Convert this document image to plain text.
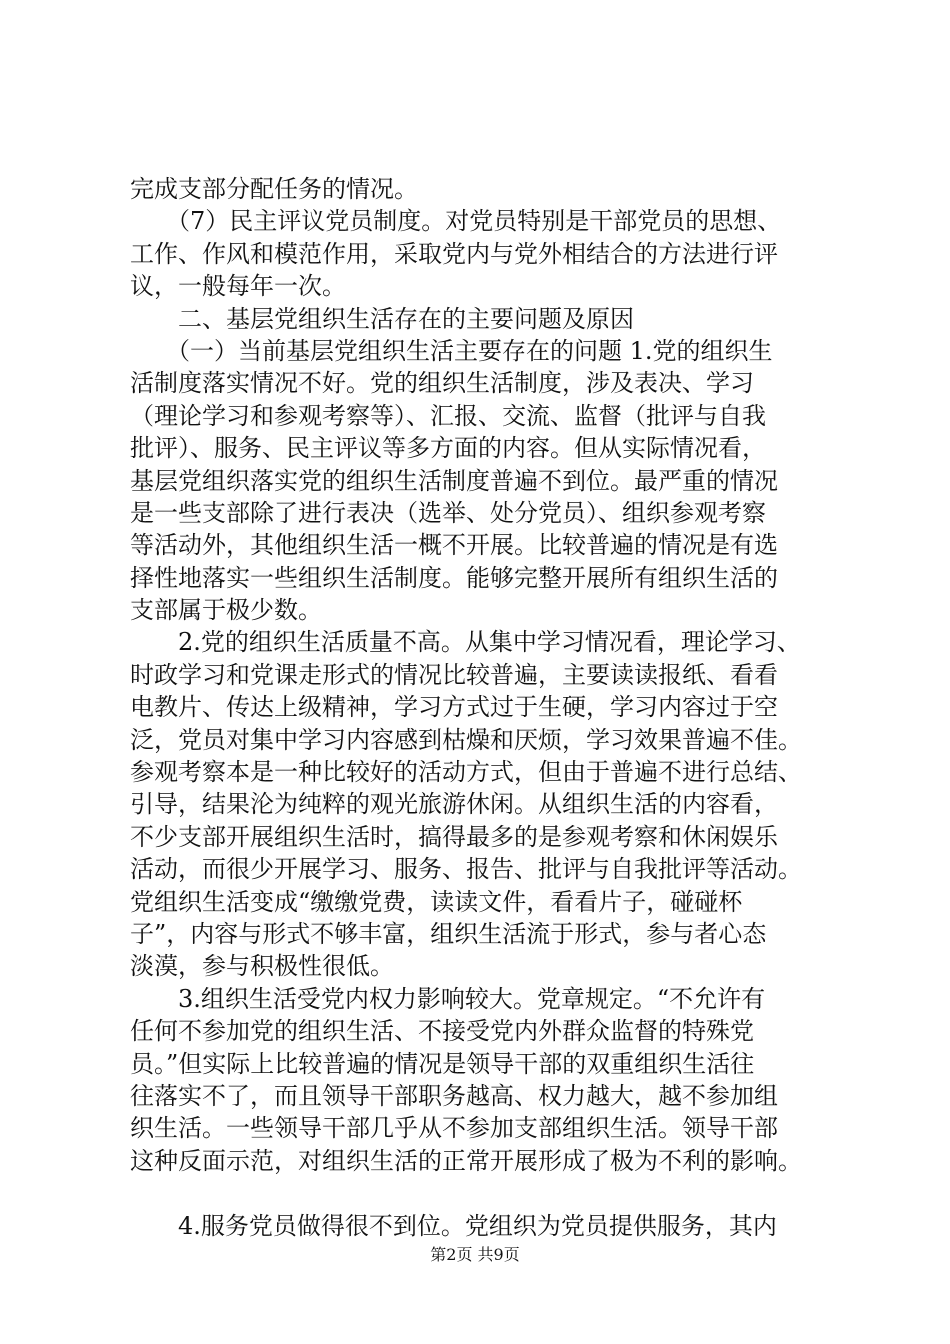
完成支部分配任务的情况。
　　（7）民主评议党员制度。对党员特别是干部党员的思想、
工作、作风和模范作用，采取党内与党外相结合的方法进行评
议，一般每年一次。
　　二、基层党组织生活存在的主要问题及原因
　　（一）当前基层党组织生活主要存在的问题 1.党的组织生
活制度落实情况不好。党的组织生活制度，涉及表决、学习
（理论学习和参观考察等）、汇报、交流、监督（批评与自我
批评）、服务、民主评议等多方面的内容。但从实际情况看，
基层党组织落实党的组织生活制度普遍不到位。最严重的情况
是一些支部除了进行表决（选举、处分党员）、组织参观考察
等活动外，其他组织生活一概不开展。比较普遍的情况是有选
择性地落实一些组织生活制度。能够完整开展所有组织生活的
支部属于极少数。
　　2.党的组织生活质量不高。从集中学习情况看，理论学习、
时政学习和党课走形式的情况比较普遍，主要读读报纸、看看
电教片、传达上级精神，学习方式过于生硬，学习内容过于空
泛，党员对集中学习内容感到枯燥和厌烦，学习效果普遍不佳。
参观考察本是一种比较好的活动方式，但由于普遍不进行总结、
引导，结果沦为纯粹的观光旅游休闲。从组织生活的内容看，
不少支部开展组织生活时，搞得最多的是参观考察和休闲娱乐
活动，而很少开展学习、服务、报告、批评与自我批评等活动。
党组织生活变成“缴缴党费，读读文件，看看片子，碰碰杯
子”，内容与形式不够丰富，组织生活流于形式，参与者心态
淡漠，参与积极性很低。
　　3.组织生活受党内权力影响较大。党章规定。“不允许有
任何不参加党的组织生活、不接受党内外群众监督的特殊党
员。”但实际上比较普遍的情况是领导干部的双重组织生活往
往落实不了，而且领导干部职务越高、权力越大，越不参加组
织生活。一些领导干部几乎从不参加支部组织生活。领导干部
这种反面示范，对组织生活的正常开展形成了极为不利的影响。
　　4.服务党员做得很不到位。党组织为党员提供服务，其内
第2页 共9页
